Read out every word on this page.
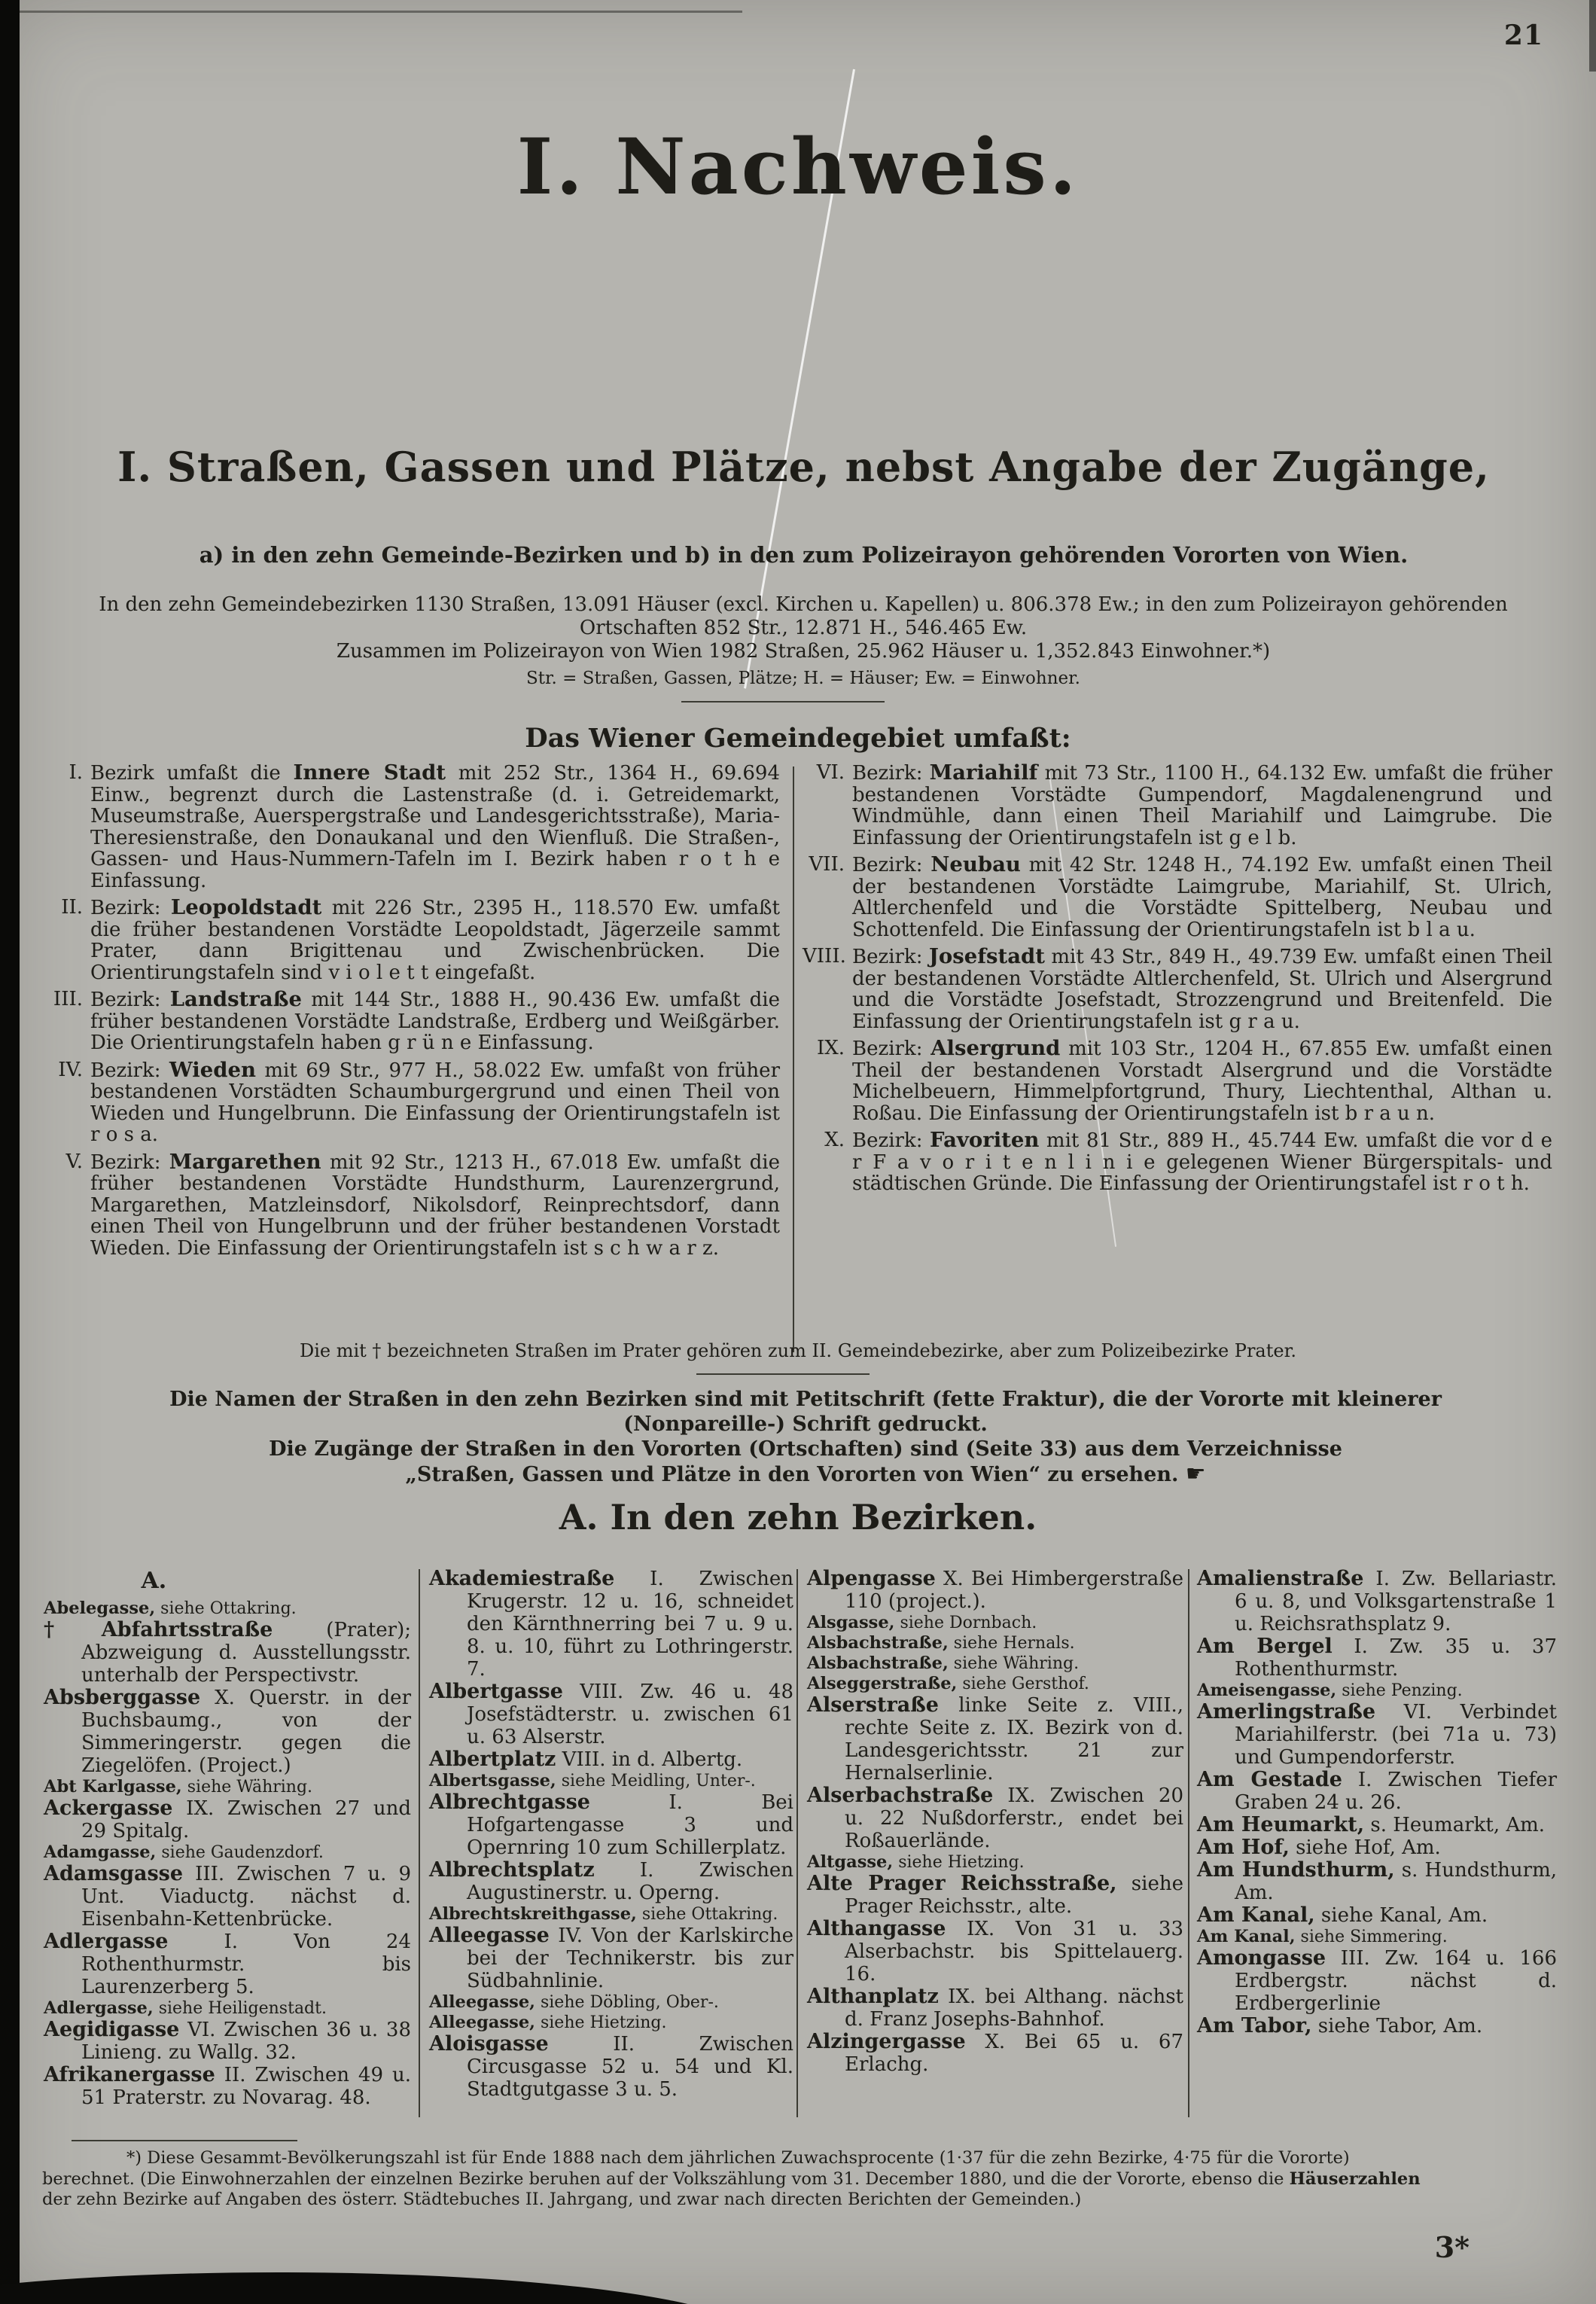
21
I. Nachweis.
I. Straßen, Gassen und Plätze, nebst Angabe der Zugänge,
a) in den zehn Gemeinde-Bezirken und b) in den zum Polizeirayon gehörenden Vororten von Wien.
In den zehn Gemeindebezirken 1130 Straßen, 13.091 Häuser (excl. Kirchen u. Kapellen) u. 806.378 Ew.; in den zum Polizeirayon gehörenden
Ortschaften 852 Str., 12.871 H., 546.465 Ew.
Zusammen im Polizeirayon von Wien 1982 Straßen, 25.962 Häuser u. 1,352.843 Einwohner.*)
Str. = Straßen, Gassen, Plätze; H. = Häuser; Ew. = Einwohner.
Das Wiener Gemeindegebiet umfaßt:

I. Bezirk umfaßt die Innere Stadt mit 252 Str., 1364 H., 69.694 Einw., begrenzt durch die Lastenstraße (d. i. Getreidemarkt, Museumstraße, Auerspergstraße und Landesgerichtsstraße), Maria-Theresienstraße, den Donaukanal und den Wienfluß. Die Straßen-, Gassen- und Haus-Nummern-Tafeln im I. Bezirk haben r o t h e Einfassung.

II. Bezirk: Leopoldstadt mit 226 Str., 2395 H., 118.570 Ew. umfaßt die früher bestandenen Vorstädte Leopoldstadt, Jägerzeile sammt Prater, dann Brigittenau und Zwischenbrücken. Die Orientirungstafeln sind v i o l e t t eingefaßt.

III. Bezirk: Landstraße mit 144 Str., 1888 H., 90.436 Ew. umfaßt die früher bestandenen Vorstädte Landstraße, Erdberg und Weißgärber. Die Orientirungstafeln haben g r ü n e Einfassung.

IV. Bezirk: Wieden mit 69 Str., 977 H., 58.022 Ew. umfaßt von früher bestandenen Vorstädten Schaumburgergrund und einen Theil von Wieden und Hungelbrunn. Die Einfassung der Orientirungstafeln ist r o s a.

V. Bezirk: Margarethen mit 92 Str., 1213 H., 67.018 Ew. umfaßt die früher bestandenen Vorstädte Hundsthurm, Laurenzergrund, Margarethen, Matzleinsdorf, Nikolsdorf, Reinprechtsdorf, dann einen Theil von Hungelbrunn und der früher bestandenen Vorstadt Wieden. Die Einfassung der Orientirungstafeln ist s c h w a r z.

VI. Bezirk: Mariahilf mit 73 Str., 1100 H., 64.132 Ew. umfaßt die früher bestandenen Vorstädte Gumpendorf, Magdalenengrund und Windmühle, dann einen Theil Mariahilf und Laimgrube. Die Einfassung der Orientirungstafeln ist g e l b.

VII. Bezirk: Neubau mit 42 Str. 1248 H., 74.192 Ew. umfaßt einen Theil der bestandenen Vorstädte Laimgrube, Mariahilf, St. Ulrich, Altlerchenfeld und die Vorstädte Spittelberg, Neubau und Schottenfeld. Die Einfassung der Orientirungstafeln ist b l a u.

VIII. Bezirk: Josefstadt mit 43 Str., 849 H., 49.739 Ew. umfaßt einen Theil der bestandenen Vorstädte Altlerchenfeld, St. Ulrich und Alsergrund und die Vorstädte Josefstadt, Strozzengrund und Breitenfeld. Die Einfassung der Orientirungstafeln ist g r a u.

IX. Bezirk: Alsergrund mit 103 Str., 1204 H., 67.855 Ew. umfaßt einen Theil der bestandenen Vorstadt Alsergrund und die Vorstädte Michelbeuern, Himmelpfortgrund, Thury, Liechtenthal, Althan u. Roßau. Die Einfassung der Orientirungstafeln ist b r a u n.

X. Bezirk: Favoriten mit 81 Str., 889 H., 45.744 Ew. umfaßt die vor d e r F a v o r i t e n l i n i e gelegenen Wiener Bürgerspitals- und städtischen Gründe. Die Einfassung der Orientirungstafel ist r o t h.

Die mit † bezeichneten Straßen im Prater gehören zum II. Gemeindebezirke, aber zum Polizeibezirke Prater.
Die Namen der Straßen in den zehn Bezirken sind mit Petitschrift (fette Fraktur), die der Vororte mit kleinerer
(Nonpareille-) Schrift gedruckt.
Die Zugänge der Straßen in den Vororten (Ortschaften) sind (Seite 33) aus dem Verzeichnisse
„Straßen, Gassen und Plätze in den Vororten von Wien“ zu ersehen. ☛
A. In den zehn Bezirken.

A.

Abelegasse, siehe Ottakring.

†Abfahrtsstraße (Prater); Abzweigung d. Ausstellungsstr. unterhalb der Perspectivstr.

Absberggasse X. Querstr. in der Buchsbaumg., von der Simmeringerstr. gegen die Ziegelöfen. (Project.)

Abt Karlgasse, siehe Währing.

Ackergasse IX. Zwischen 27 und 29 Spitalg.

Adamgasse, siehe Gaudenzdorf.

Adamsgasse III. Zwischen 7 u. 9 Unt. Viaductg. nächst d. Eisenbahn-Kettenbrücke.

Adlergasse I. Von 24 Rothenthurmstr. bis Laurenzerberg 5.

Adlergasse, siehe Heiligenstadt.

Aegidigasse VI. Zwischen 36 u. 38 Linieng. zu Wallg. 32.

Afrikanergasse II. Zwischen 49 u. 51 Praterstr. zu Novarag. 48.

Akademiestraße I. Zwischen Krugerstr. 12 u. 16, schneidet den Kärnthnerring bei 7 u. 9 u. 8. u. 10, führt zu Lothringerstr. 7.

Albertgasse VIII. Zw. 46 u. 48 Josefstädterstr. u. zwischen 61 u. 63 Alserstr.

Albertplatz VIII. in d. Albertg.

Albertsgasse, siehe Meidling, Unter-.

Albrechtgasse I. Bei Hofgartengasse 3 und Opernring 10 zum Schillerplatz.

Albrechtsplatz I. Zwischen Augustinerstr. u. Operng.

Albrechtskreithgasse, siehe Ottakring.

Alleegasse IV. Von der Karlskirche bei der Technikerstr. bis zur Südbahnlinie.

Alleegasse, siehe Döbling, Ober-.

Alleegasse, siehe Hietzing.

Aloisgasse II. Zwischen Circusgasse 52 u. 54 und Kl. Stadtgutgasse 3 u. 5.

Alpengasse X. Bei Himbergerstraße 110 (project.).

Alsgasse, siehe Dornbach.

Alsbachstraße, siehe Hernals.

Alsbachstraße, siehe Währing.

Alseggerstraße, siehe Gersthof.

Alserstraße linke Seite z. VIII., rechte Seite z. IX. Bezirk von d. Landesgerichtsstr. 21 zur Hernalserlinie.

Alserbachstraße IX. Zwischen 20 u. 22 Nußdorferstr., endet bei Roßauerlände.

Altgasse, siehe Hietzing.

Alte Prager Reichsstraße, siehe Prager Reichsstr., alte.

Althangasse IX. Von 31 u. 33 Alserbachstr. bis Spittelauerg. 16.

Althanplatz IX. bei Althang. nächst d. Franz Josephs-Bahnhof.

Alzingergasse X. Bei 65 u. 67 Erlachg.

Amalienstraße I. Zw. Bellariastr. 6 u. 8, und Volksgartenstraße 1 u. Reichsrathsplatz 9.

Am Bergel I. Zw. 35 u. 37 Rothenthurmstr.

Ameisengasse, siehe Penzing.

Amerlingstraße VI. Verbindet Mariahilferstr. (bei 71a u. 73) und Gumpendorferstr.

Am Gestade I. Zwischen Tiefer Graben 24 u. 26.

Am Heumarkt, s. Heumarkt, Am.

Am Hof, siehe Hof, Am.

Am Hundsthurm, s. Hundsthurm, Am.

Am Kanal, siehe Kanal, Am.

Am Kanal, siehe Simmering.

Amongasse III. Zw. 164 u. 166 Erdbergstr. nächst d. Erdbergerlinie

Am Tabor, siehe Tabor, Am.

*) Diese Gesammt-Bevölkerungszahl ist für Ende 1888 nach dem jährlichen Zuwachsprocente (1·37 für die zehn Bezirke, 4·75 für die Vororte)
berechnet. (Die Einwohnerzahlen der einzelnen Bezirke beruhen auf der Volkszählung vom 31. December 1880, und die der Vororte, ebenso die Häuserzahlen
der zehn Bezirke auf Angaben des österr. Städtebuches II. Jahrgang, und zwar nach directen Berichten der Gemeinden.)
3*
